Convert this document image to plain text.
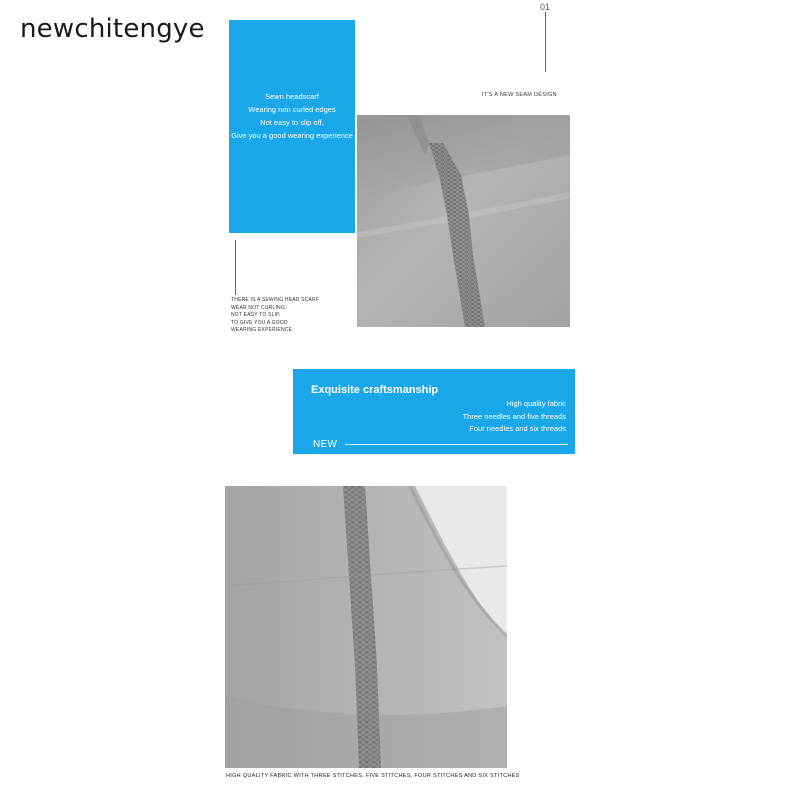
newchitengye
01
Sewn headscarf
Wearing non curled edges
Not easy to slip off,
Give you a good wearing experience
IT'S A NEW SEAM DESIGN
THERE IS A SEWING HEAD SCARF
WEAR NOT CURLING,
NOT EASY TO SLIP,
TO GIVE YOU A GOOD
WEARING EXPERIENCE
Exquisite craftsmanship
High quality fabric
Three needles and five threads
Four needles and six threads
NEW
HIGH QUALITY FABRIC WITH THREE STITCHES, FIVE STITCHES, FOUR STITCHES AND SIX STITCHES
